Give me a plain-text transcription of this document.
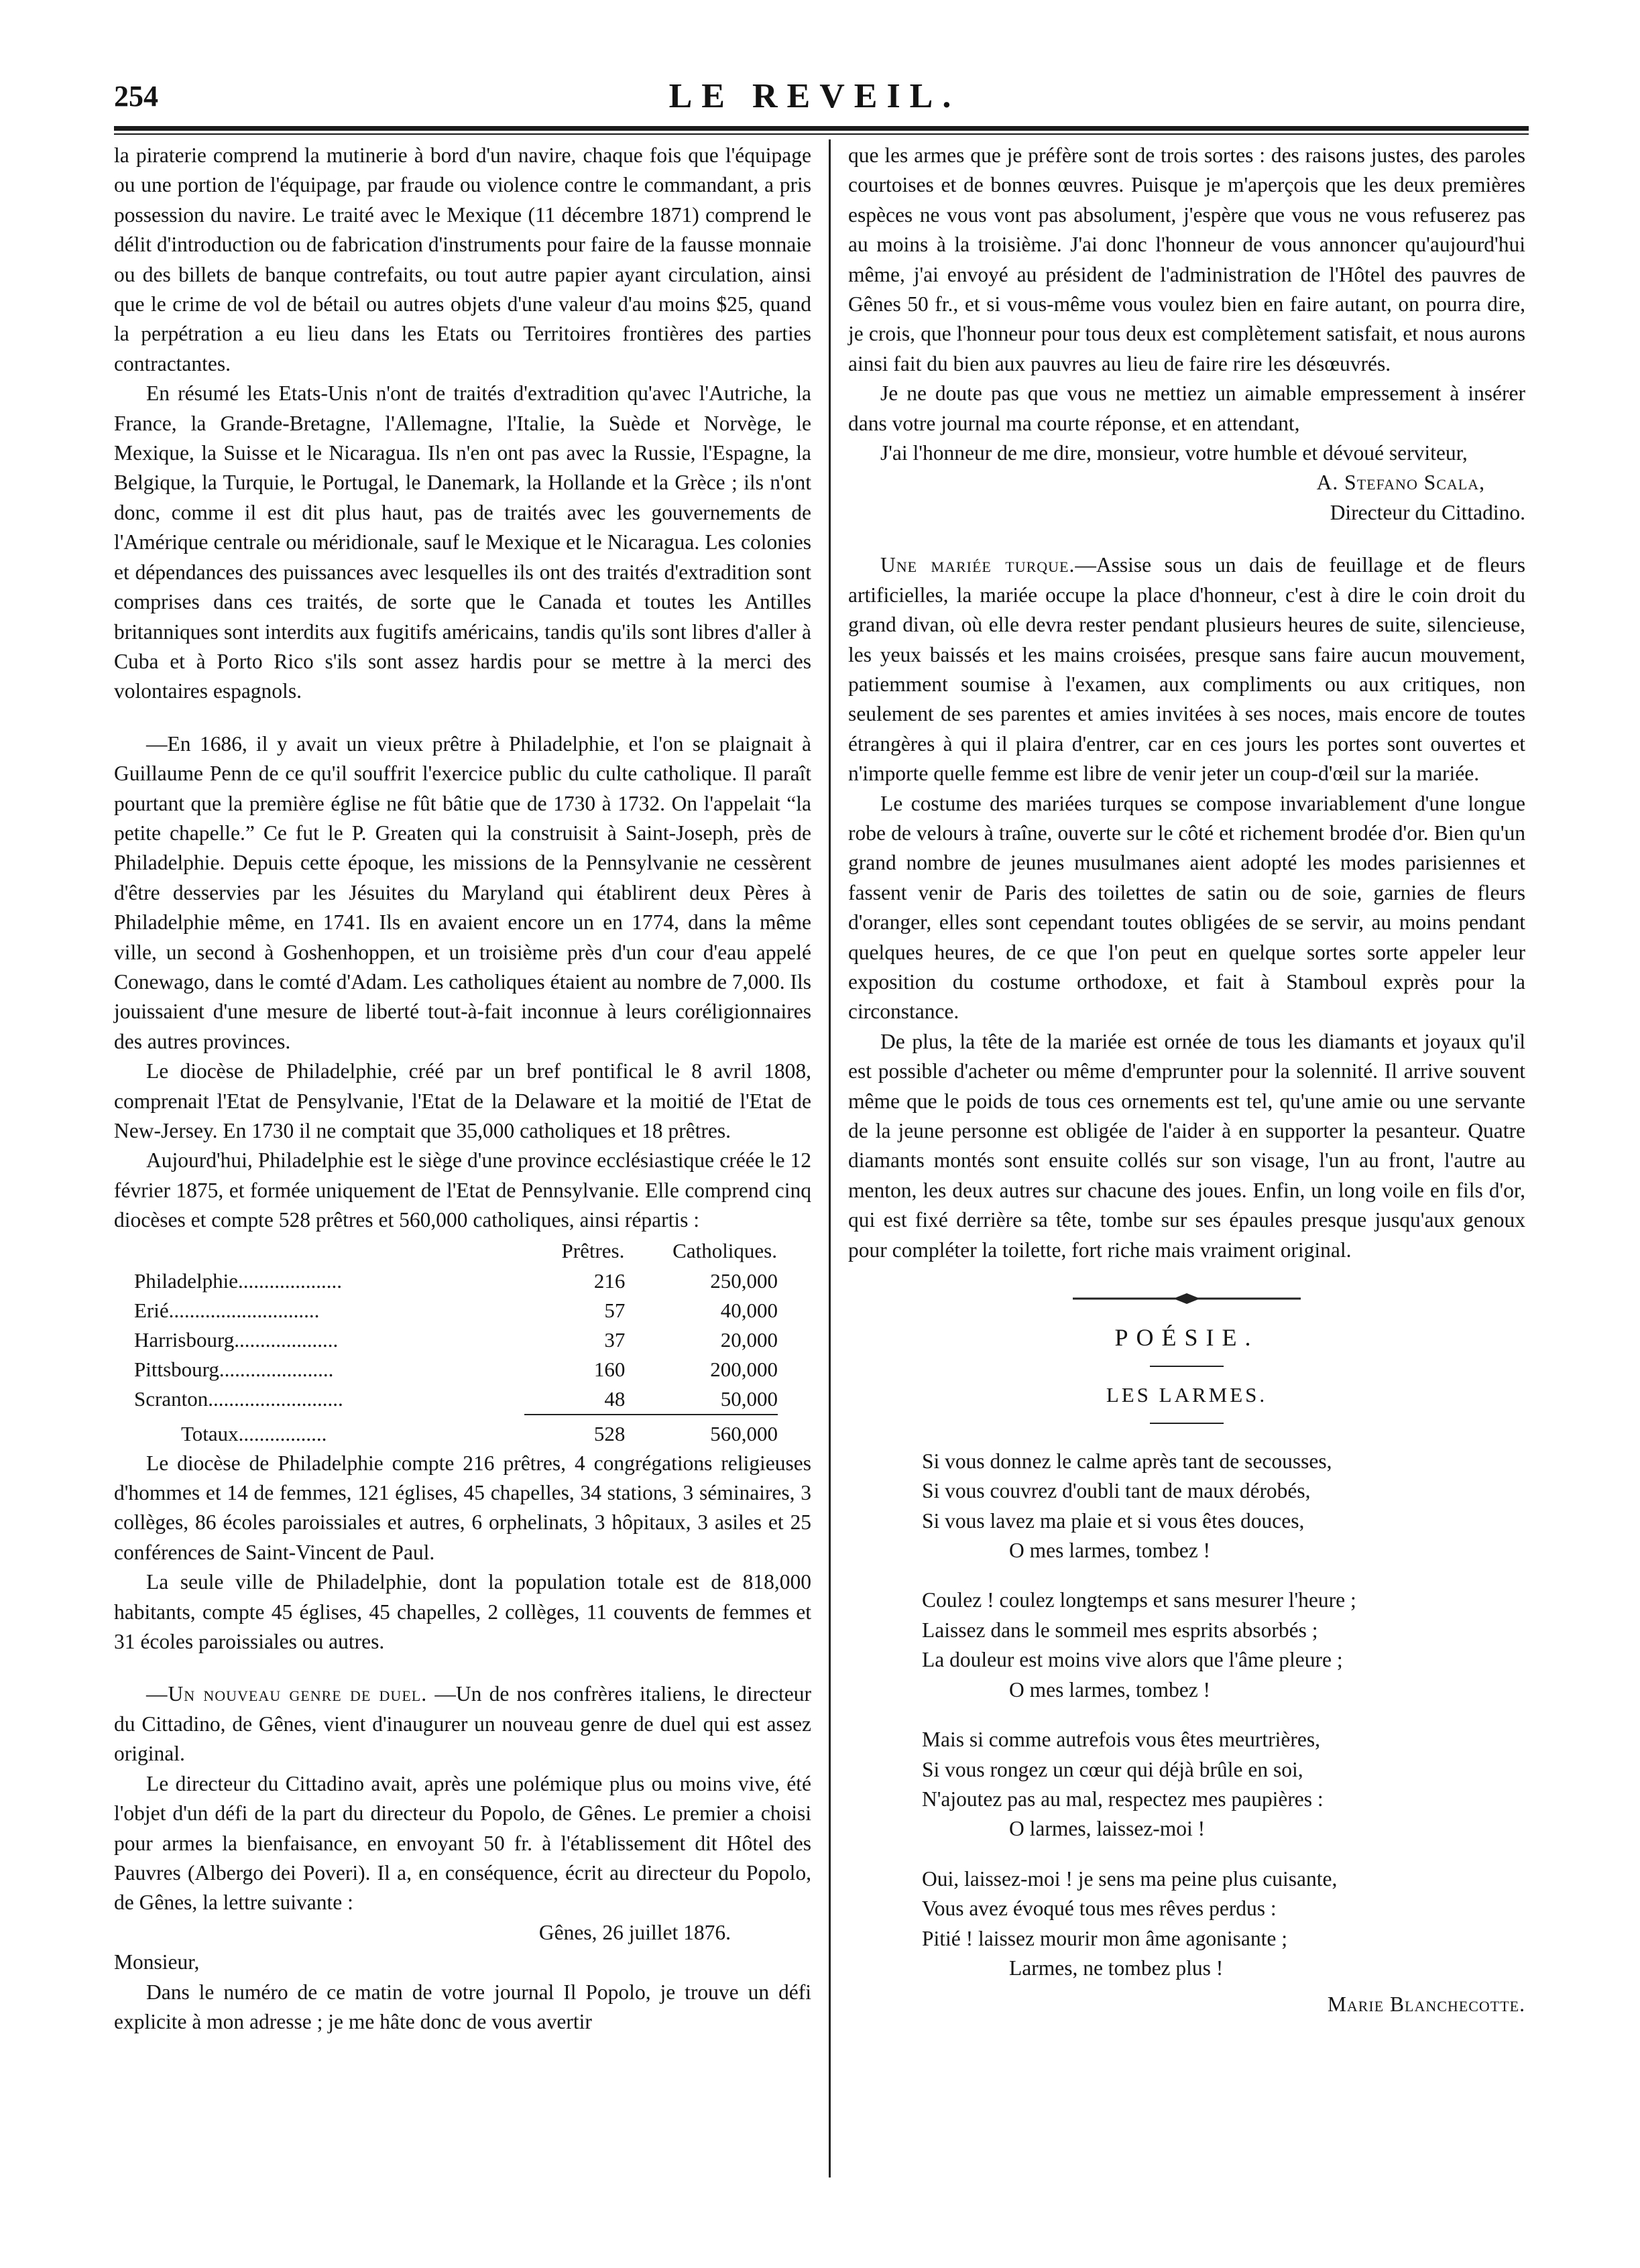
254	LE REVEIL.

la piraterie comprend la mutinerie à bord d'un navire, chaque fois que l'équipage ou une portion de l'équipage, par fraude ou violence contre le commandant, a pris possession du navire. Le traité avec le Mexique (11 décembre 1871) comprend le délit d'introduction ou de fabrication d'instruments pour faire de la fausse monnaie ou des billets de banque contrefaits, ou tout autre papier ayant circulation, ainsi que le crime de vol de bétail ou autres objets d'une valeur d'au moins $25, quand la perpétration a eu lieu dans les Etats ou Territoires frontières des parties contractantes.

En résumé les Etats-Unis n'ont de traités d'extradition qu'avec l'Autriche, la France, la Grande-Bretagne, l'Allemagne, l'Italie, la Suède et Norvège, le Mexique, la Suisse et le Nicaragua. Ils n'en ont pas avec la Russie, l'Espagne, la Belgique, la Turquie, le Portugal, le Danemark, la Hollande et la Grèce ; ils n'ont donc, comme il est dit plus haut, pas de traités avec les gouvernements de l'Amérique centrale ou méridionale, sauf le Mexique et le Nicaragua. Les colonies et dépendances des puissances avec lesquelles ils ont des traités d'extradition sont comprises dans ces traités, de sorte que le Canada et toutes les Antilles britanniques sont interdits aux fugitifs américains, tandis qu'ils sont libres d'aller à Cuba et à Porto Rico s'ils sont assez hardis pour se mettre à la merci des volontaires espagnols.

—En 1686, il y avait un vieux prêtre à Philadelphie, et l'on se plaignait à Guillaume Penn de ce qu'il souffrit l'exercice public du culte catholique. Il paraît pourtant que la première église ne fût bâtie que de 1730 à 1732. On l'appelait “la petite chapelle.” Ce fut le P. Greaten qui la construisit à Saint-Joseph, près de Philadelphie. Depuis cette époque, les missions de la Pennsylvanie ne cessèrent d'être desservies par les Jésuites du Maryland qui établirent deux Pères à Philadelphie même, en 1741. Ils en avaient encore un en 1774, dans la même ville, un second à Goshenhoppen, et un troisième près d'un cour d'eau appelé Conewago, dans le comté d'Adam. Les catholiques étaient au nombre de 7,000. Ils jouissaient d'une mesure de liberté tout-à-fait inconnue à leurs coréligionnaires des autres provinces.

Le diocèse de Philadelphie, créé par un bref pontifical le 8 avril 1808, comprenait l'Etat de Pensylvanie, l'Etat de la Delaware et la moitié de l'Etat de New-Jersey. En 1730 il ne comptait que 35,000 catholiques et 18 prêtres.

Aujourd'hui, Philadelphie est le siège d'une province ecclésiastique créée le 12 février 1875, et formée uniquement de l'Etat de Pennsylvanie. Elle comprend cinq diocèses et compte 528 prêtres et 560,000 catholiques, ainsi répartis :

	Prêtres.	Catholiques.
Philadelphie....................	216	250,000
Erié.............................	57	40,000
Harrisbourg....................	37	20,000
Pittsbourg......................	160	200,000
Scranton..........................	48	50,000

Totaux.................	528	560,000

Le diocèse de Philadelphie compte 216 prêtres, 4 congrégations religieuses d'hommes et 14 de femmes, 121 églises, 45 chapelles, 34 stations, 3 séminaires, 3 collèges, 86 écoles paroissiales et autres, 6 orphelinats, 3 hôpitaux, 3 asiles et 25 conférences de Saint-Vincent de Paul.

La seule ville de Philadelphie, dont la population totale est de 818,000 habitants, compte 45 églises, 45 chapelles, 2 collèges, 11 couvents de femmes et 31 écoles paroissiales ou autres.

—Un nouveau genre de duel. —Un de nos confrères italiens, le directeur du Cittadino, de Gênes, vient d'inaugurer un nouveau genre de duel qui est assez original.

Le directeur du Cittadino avait, après une polémique plus ou moins vive, été l'objet d'un défi de la part du directeur du Popolo, de Gênes. Le premier a choisi pour armes la bienfaisance, en envoyant 50 fr. à l'établissement dit Hôtel des Pauvres (Albergo dei Poveri). Il a, en conséquence, écrit au directeur du Popolo, de Gênes, la lettre suivante :

Gênes, 26 juillet 1876.

Monsieur,

Dans le numéro de ce matin de votre journal Il Popolo, je trouve un défi explicite à mon adresse ; je me hâte donc de vous avertir

que les armes que je préfère sont de trois sortes : des raisons justes, des paroles courtoises et de bonnes œuvres. Puisque je m'aperçois que les deux premières espèces ne vous vont pas absolument, j'espère que vous ne vous refuserez pas au moins à la troisième. J'ai donc l'honneur de vous annoncer qu'aujourd'hui même, j'ai envoyé au président de l'administration de l'Hôtel des pauvres de Gênes 50 fr., et si vous-même vous voulez bien en faire autant, on pourra dire, je crois, que l'honneur pour tous deux est complètement satisfait, et nous aurons ainsi fait du bien aux pauvres au lieu de faire rire les désœuvrés.

Je ne doute pas que vous ne mettiez un aimable empressement à insérer dans votre journal ma courte réponse, et en attendant,

J'ai l'honneur de me dire, monsieur, votre humble et dévoué serviteur,

A. Stefano Scala,

Directeur du Cittadino.

Une mariée turque.—Assise sous un dais de feuillage et de fleurs artificielles, la mariée occupe la place d'honneur, c'est à dire le coin droit du grand divan, où elle devra rester pendant plusieurs heures de suite, silencieuse, les yeux baissés et les mains croisées, presque sans faire aucun mouvement, patiemment soumise à l'examen, aux compliments ou aux critiques, non seulement de ses parentes et amies invitées à ses noces, mais encore de toutes étrangères à qui il plaira d'entrer, car en ces jours les portes sont ouvertes et n'importe quelle femme est libre de venir jeter un coup-d'œil sur la mariée.

Le costume des mariées turques se compose invariablement d'une longue robe de velours à traîne, ouverte sur le côté et richement brodée d'or. Bien qu'un grand nombre de jeunes musulmanes aient adopté les modes parisiennes et fassent venir de Paris des toilettes de satin ou de soie, garnies de fleurs d'oranger, elles sont cependant toutes obligées de se servir, au moins pendant quelques heures, de ce que l'on peut en quelque sortes sorte appeler leur exposition du costume orthodoxe, et fait à Stamboul exprès pour la circonstance.

De plus, la tête de la mariée est ornée de tous les diamants et joyaux qu'il est possible d'acheter ou même d'emprunter pour la solennité. Il arrive souvent même que le poids de tous ces ornements est tel, qu'une amie ou une servante de la jeune personne est obligée de l'aider à en supporter la pesanteur. Quatre diamants montés sont ensuite collés sur son visage, l'un au front, l'autre au menton, les deux autres sur chacune des joues. Enfin, un long voile en fils d'or, qui est fixé derrière sa tête, tombe sur ses épaules presque jusqu'aux genoux pour compléter la toilette, fort riche mais vraiment original.

POÉSIE.
LES LARMES.
Si vous donnez le calme après tant de secousses,
Si vous couvrez d'oubli tant de maux dérobés,
Si vous lavez ma plaie et si vous êtes douces,
O mes larmes, tombez !
Coulez ! coulez longtemps et sans mesurer l'heure ;
Laissez dans le sommeil mes esprits absorbés ;
La douleur est moins vive alors que l'âme pleure ;
O mes larmes, tombez !
Mais si comme autrefois vous êtes meurtrières,
Si vous rongez un cœur qui déjà brûle en soi,
N'ajoutez pas au mal, respectez mes paupières :
O larmes, laissez-moi !
Oui, laissez-moi ! je sens ma peine plus cuisante,
Vous avez évoqué tous mes rêves perdus :
Pitié ! laissez mourir mon âme agonisante ;
Larmes, ne tombez plus !
Marie Blanchecotte.
